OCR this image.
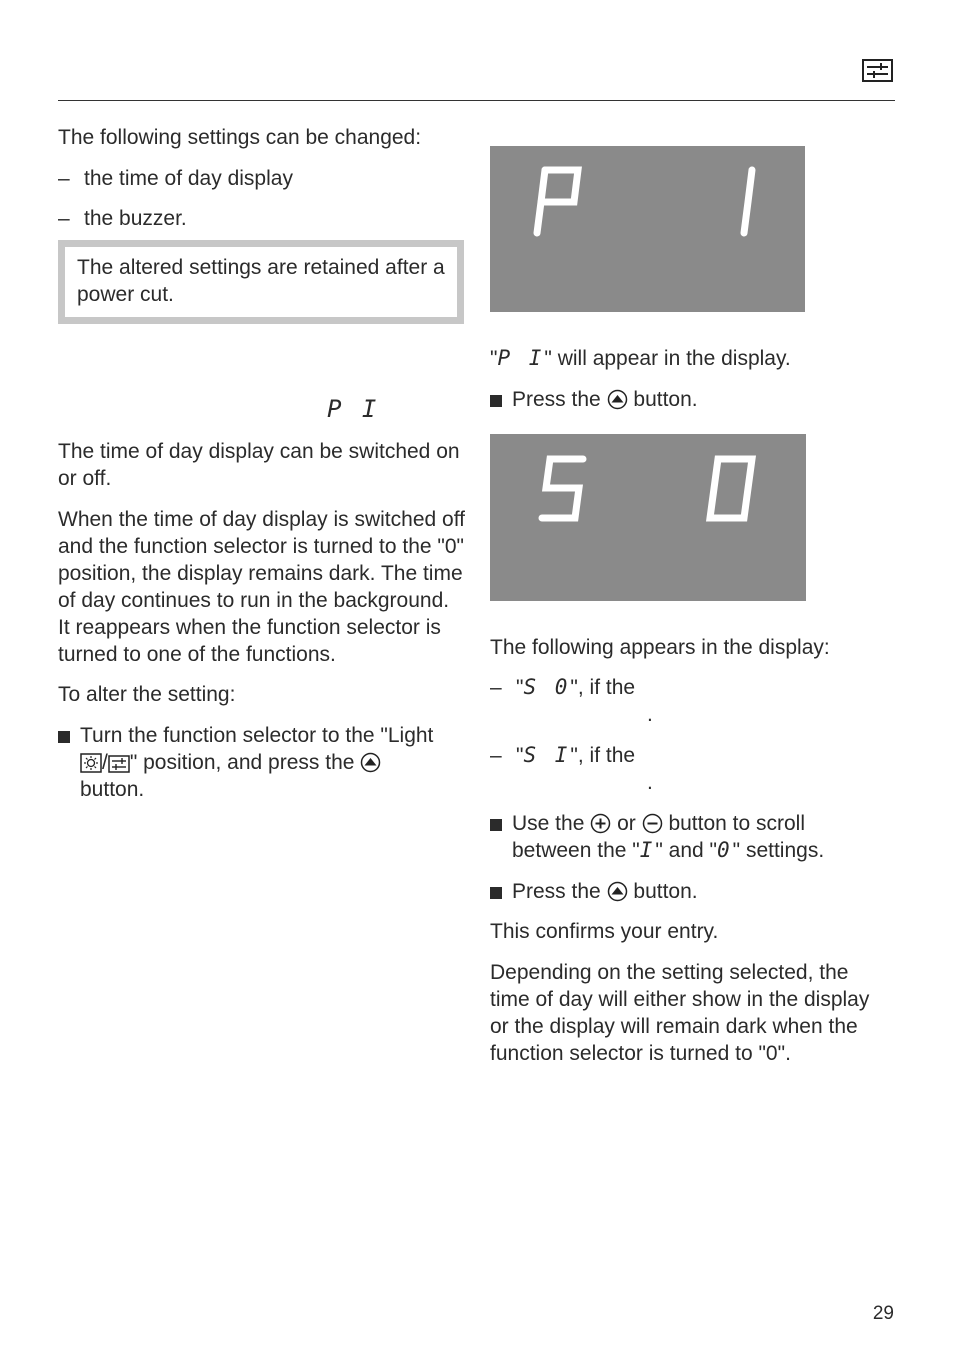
The following settings can be changed:

– the time of day display

– the buzzer.

The altered settings are retained after a power cut.

P I

The time of day display can be switched on or off.

When the time of day display is switched off and the function selector is turned to the "0" position, the display remains dark. The time of day continues to run in the background.

It reappears when the function selector is turned to one of the functions.

To alter the setting:

Turn the function selector to the "Light
/ " position, and press the
button.

"P I" will appear in the display.

Press the button.

The following appears in the display:

– "S 0", if the
.
– "S I", if the
.
Use the or button to scroll
between the "I" and "0" settings.
Press the button.

This confirms your entry.

Depending on the setting selected, the time of day will either show in the display or the display will remain dark when the function selector is turned to "0".

29
